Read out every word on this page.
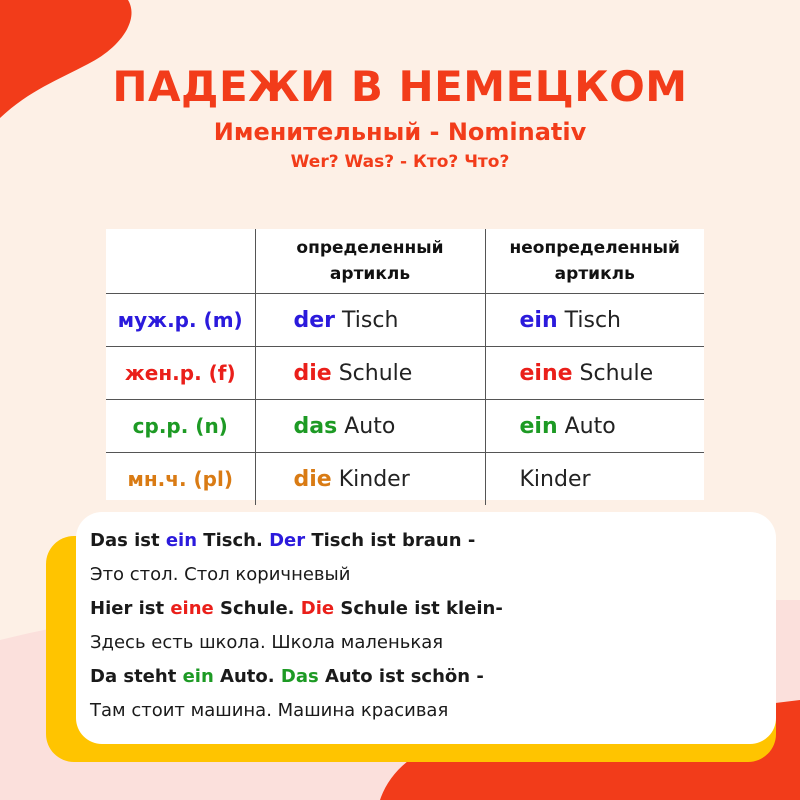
ПАДЕЖИ В НЕМЕЦКОМ
Именительный - Nominativ
Wer? Was? - Кто? Что?
	определенный артикль	неопределенный артикль
муж.р. (m)	der Tisch	ein Tisch
жен.р. (f)	die Schule	eine Schule
ср.р. (n)	das Auto	ein Auto
мн.ч. (pl)	die Kinder	Kinder

Das ist ein Tisch. Der Tisch ist braun -

Это стол. Стол коричневый

Hier ist eine Schule. Die Schule ist klein-

Здесь есть школа. Школа маленькая

Da steht ein Auto. Das Auto ist schön -

Там стоит машина. Машина красивая
